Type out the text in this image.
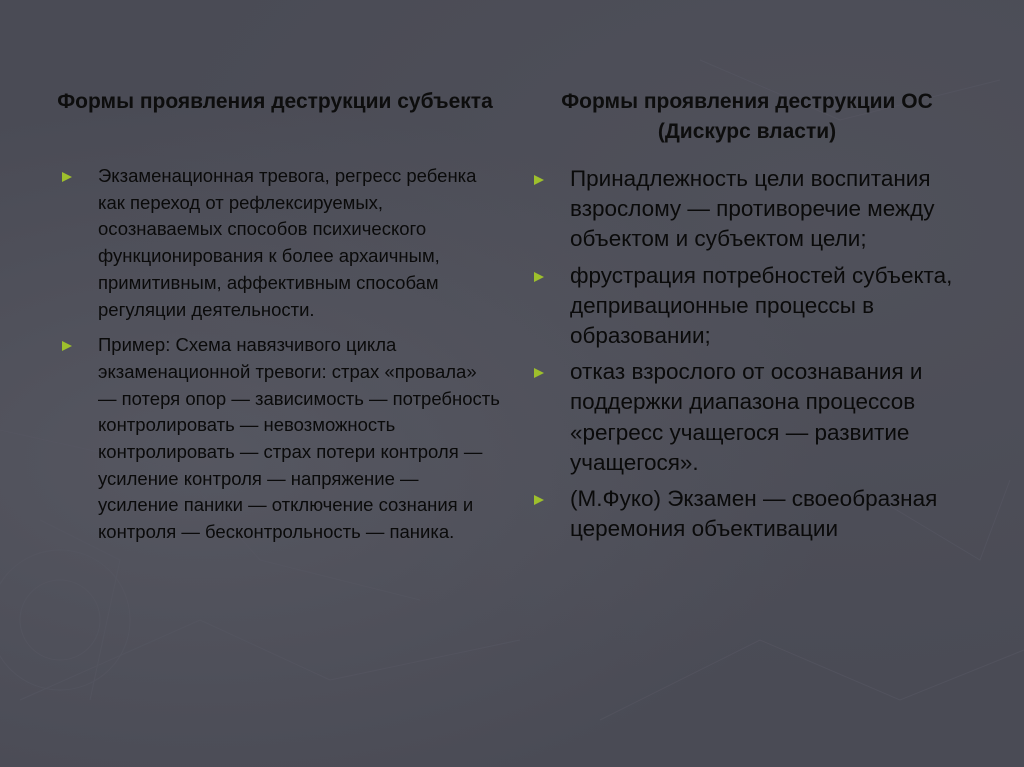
Формы проявления деструкции субъекта	Формы проявления деструкции ОС (Дискурс власти)
Экзаменационная тревога, регресс ребенка как переход от рефлексируемых, осознаваемых способов психического функционирования к более архаичным, примитивным, аффективным способам регуляции деятельности.
Пример: Схема навязчивого цикла экзаменационной тревоги: страх «провала» — потеря опор — зависимость — потребность контролировать — невозможность контролировать — страх потери контроля — усиление контроля — напряжение — усиление паники — отключение сознания и контроля — бесконтрольность — паника.
Принадлежность цели воспитания взрослому — противоречие между объектом и субъектом цели;
фрустрация потребностей субъекта, депривационные процессы в образовании;
отказ взрослого от осознавания и поддержки диапазона процессов «регресс учащегося — развитие учащегося».
(М.Фуко) Экзамен — своеобразная церемония объективации
